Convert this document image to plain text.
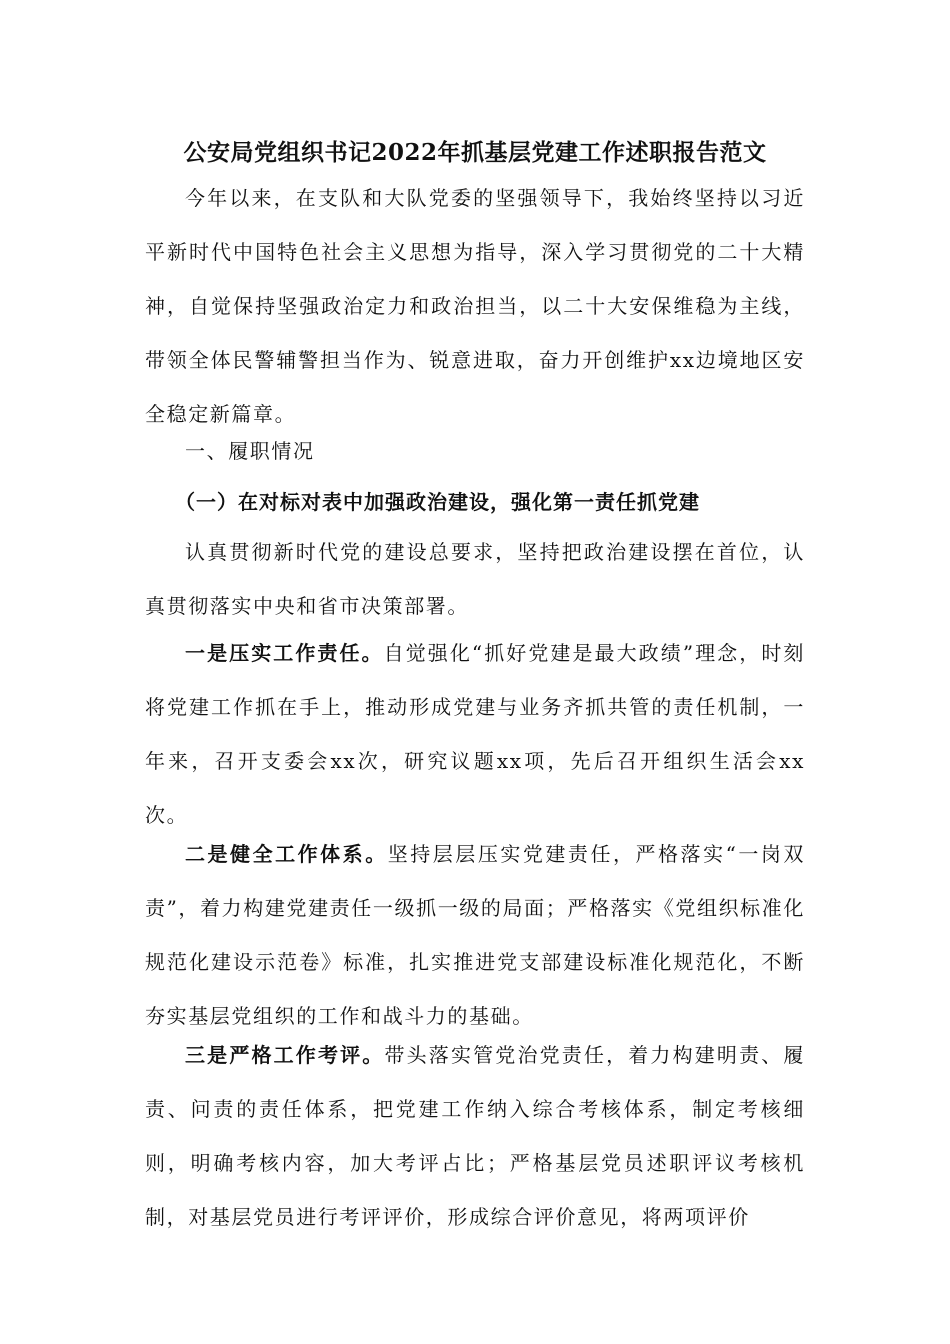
公安局党组织书记2022年抓基层党建工作述职报告范文

今年以来，在支队和大队党委的坚强领导下，我始终坚持以习近平新时代中国特色社会主义思想为指导，深入学习贯彻党的二十大精神，自觉保持坚强政治定力和政治担当，以二十大安保维稳为主线，带领全体民警辅警担当作为、锐意进取，奋力开创维护xx边境地区安全稳定新篇章。

一、履职情况

（一）在对标对表中加强政治建设，强化第一责任抓党建

认真贯彻新时代党的建设总要求，坚持把政治建设摆在首位，认真贯彻落实中央和省市决策部署。

一是压实工作责任。自觉强化“抓好党建是最大政绩”理念，时刻将党建工作抓在手上，推动形成党建与业务齐抓共管的责任机制，一年来，召开支委会xx次，研究议题xx项，先后召开组织生活会xx次。

二是健全工作体系。坚持层层压实党建责任，严格落实“一岗双责”，着力构建党建责任一级抓一级的局面；严格落实《党组织标准化规范化建设示范卷》标准，扎实推进党支部建设标准化规范化，不断夯实基层党组织的工作和战斗力的基础。

三是严格工作考评。带头落实管党治党责任，着力构建明责、履责、问责的责任体系，把党建工作纳入综合考核体系，制定考核细则，明确考核内容，加大考评占比；严格基层党员述职评议考核机制，对基层党员进行考评评价，形成综合评价意见，将两项评价
